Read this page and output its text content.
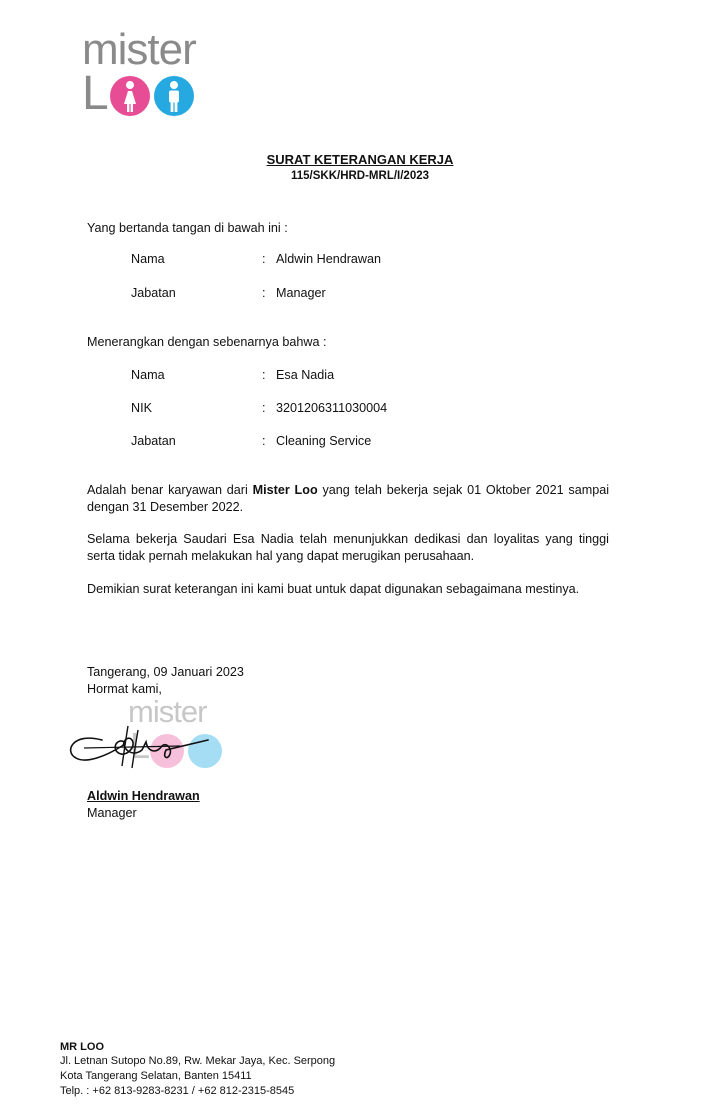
mister
L
SURAT KETERANGAN KERJA
115/SKK/HRD-MRL/I/2023
Yang bertanda tangan di bawah ini :
Nama	: Aldwin Hendrawan
Jabatan	: Manager
Menerangkan dengan sebenarnya bahwa :
Nama	: Esa Nadia
NIK	: 3201206311030004
Jabatan	: Cleaning Service
Adalah benar karyawan dari Mister Loo yang telah bekerja sejak 01 Oktober 2021 sampai dengan 31 Desember 2022.
Selama bekerja Saudari Esa Nadia telah menunjukkan dedikasi dan loyalitas yang tinggi serta tidak pernah melakukan hal yang dapat merugikan perusahaan.
Demikian surat keterangan ini kami buat untuk dapat digunakan sebagaimana mestinya.
Tangerang, 09 Januari 2023
Hormat kami,
mister
L
Aldwin Hendrawan
Manager
MR LOO
Jl. Letnan Sutopo No.89, Rw. Mekar Jaya, Kec. Serpong
Kota Tangerang Selatan, Banten 15411
Telp. : +62 813-9283-8231 / +62 812-2315-8545
